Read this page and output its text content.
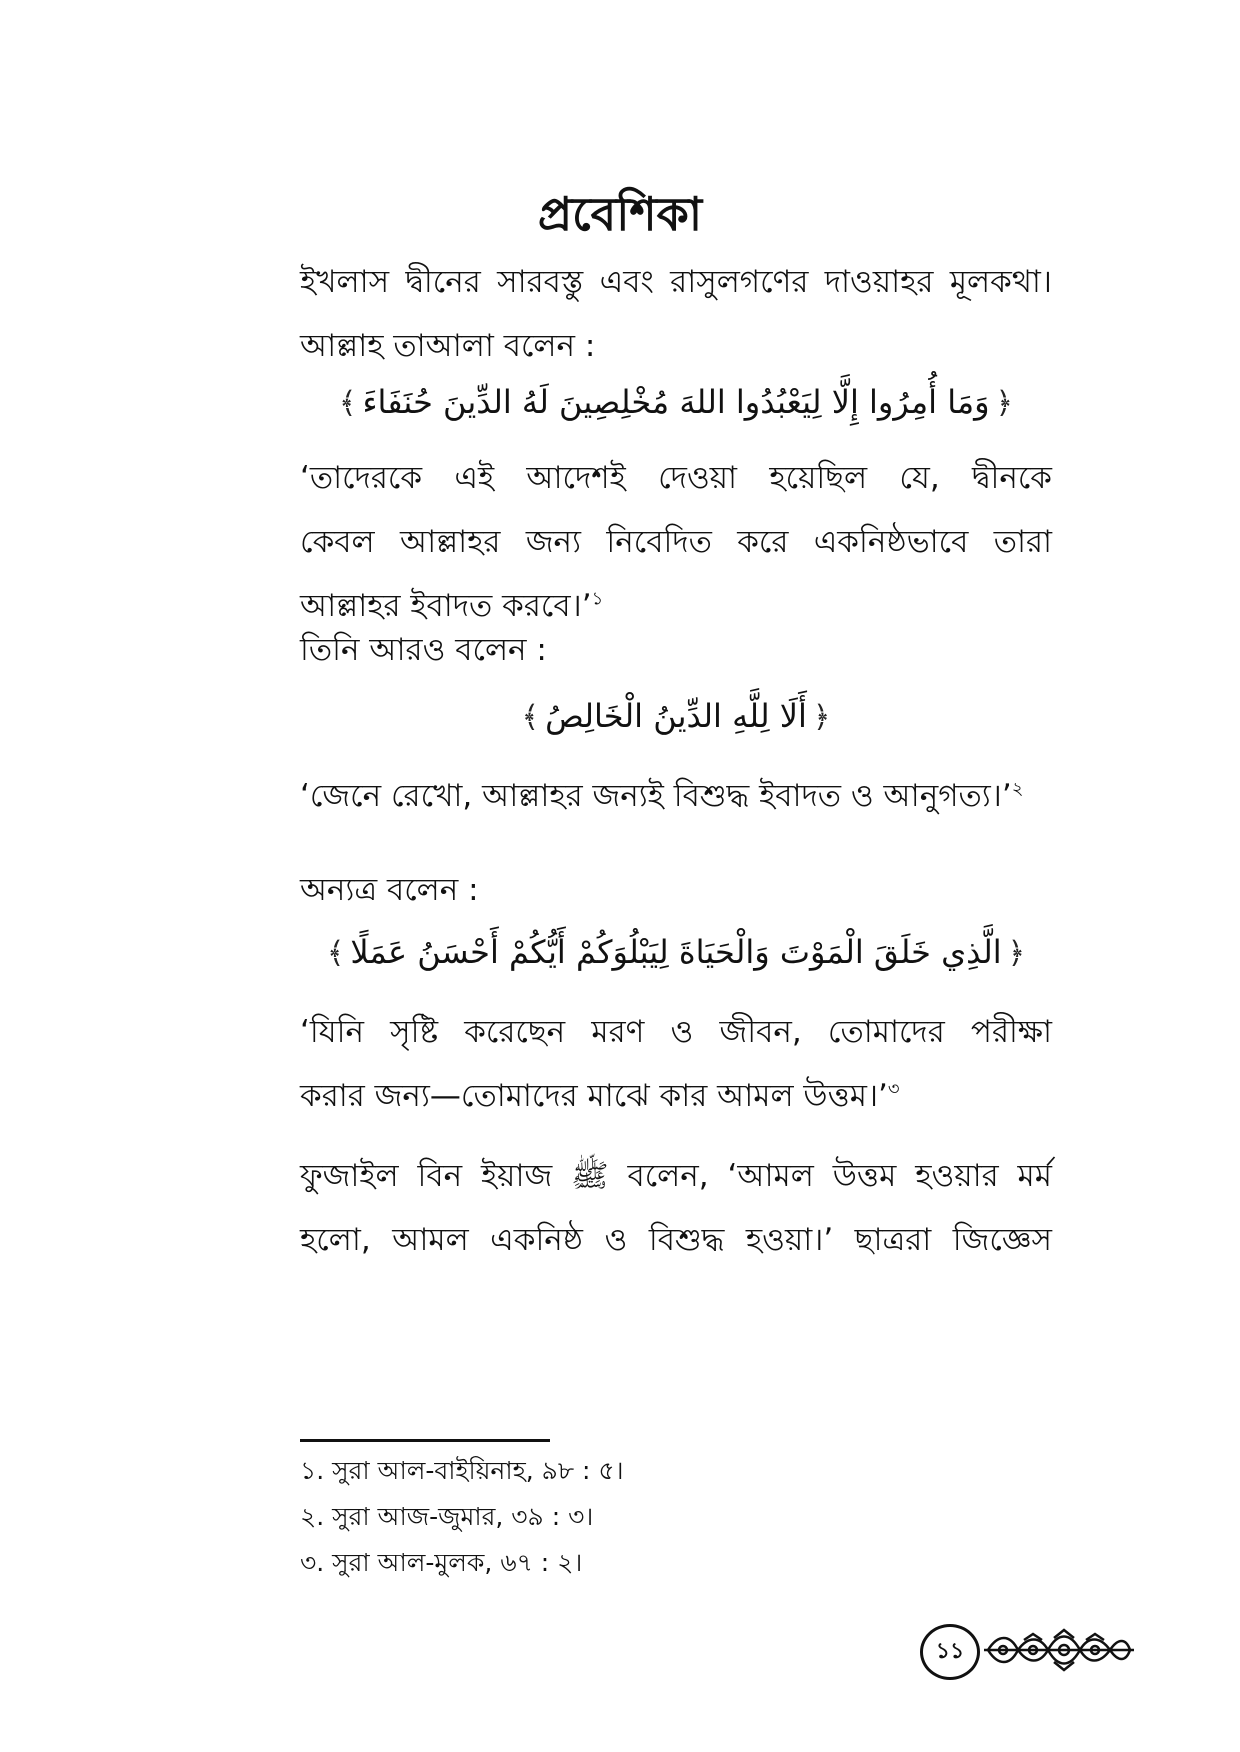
প্রবেশিকা
ইখলাস দ্বীনের সারবস্তু এবং রাসুলগণের দাওয়াহর মূলকথা।
আল্লাহ তাআলা বলেন :
﴿وَمَا أُمِرُوا إِلَّا لِيَعْبُدُوا اللهَ مُخْلِصِينَ لَهُ الدِّينَ حُنَفَاءَ﴾
‘তাদেরকে এই আদেশই দেওয়া হয়েছিল যে, দ্বীনকে
কেবল আল্লাহর জন্য নিবেদিত করে একনিষ্ঠভাবে তারা
আল্লাহর ইবাদত করবে।’$^১$
তিনি আরও বলেন :
﴿أَلَا لِلَّهِ الدِّينُ الْخَالِصُ﴾
‘জেনে রেখো, আল্লাহর জন্যই বিশুদ্ধ ইবাদত ও আনুগত্য।’$^২$
অন্যত্র বলেন :
﴿الَّذِي خَلَقَ الْمَوْتَ وَالْحَيَاةَ لِيَبْلُوَكُمْ أَيُّكُمْ أَحْسَنُ عَمَلًا﴾
‘যিনি সৃষ্টি করেছেন মরণ ও জীবন, তোমাদের পরীক্ষা
করার জন্য—তোমাদের মাঝে কার আমল উত্তম।’$^৩$
ফুজাইল বিন ইয়াজ ﷺ বলেন, ‘আমল উত্তম হওয়ার মর্ম
হলো, আমল একনিষ্ঠ ও বিশুদ্ধ হওয়া।’ ছাত্ররা জিজ্ঞেস
১. সুরা আল-বাইয়িনাহ, ৯৮ : ৫।
২. সুরা আজ-জুমার, ৩৯ : ৩।
৩. সুরা আল-মুলক, ৬৭ : ২।
১১
